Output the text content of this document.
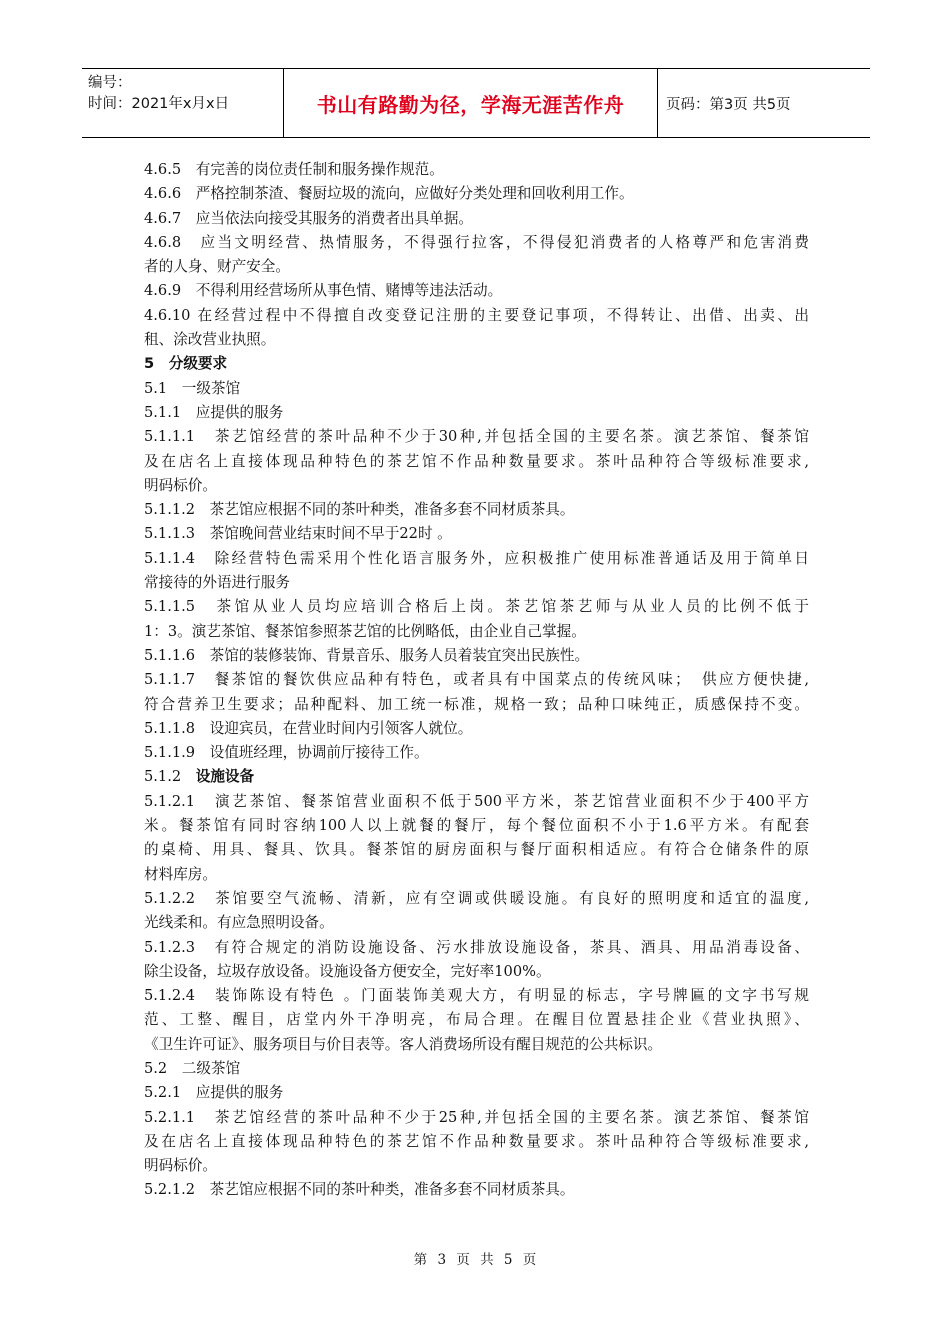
编号：
时间：2021年x月x日	书山有路勤为径，学海无涯苦作舟	页码：第3页 共5页
4.6.5　有完善的岗位责任制和服务操作规范。
4.6.6　严格控制茶渣、餐厨垃圾的流向，应做好分类处理和回收利用工作。
4.6.7　应当依法向接受其服务的消费者出具单据。
4.6.8　应当文明经营、热情服务，不得强行拉客，不得侵犯消费者的人格尊严和危害消费
者的人身、财产安全。
4.6.9　不得利用经营场所从事色情、赌博等违法活动。
4.6.10 在经营过程中不得擅自改变登记注册的主要登记事项，不得转让、出借、出卖、出
租、涂改营业执照。
5　分级要求
5.1　一级茶馆
5.1.1　应提供的服务
5.1.1.1　茶艺馆经营的茶叶品种不少于30种,并包括全国的主要名茶。演艺茶馆、餐茶馆
及在店名上直接体现品种特色的茶艺馆不作品种数量要求。茶叶品种符合等级标准要求,
明码标价。
5.1.1.2　茶艺馆应根据不同的茶叶种类，准备多套不同材质茶具。
5.1.1.3　茶馆晚间营业结束时间不早于22时 。
5.1.1.4　除经营特色需采用个性化语言服务外，应积极推广使用标准普通话及用于简单日
常接待的外语进行服务
5.1.1.5　茶馆从业人员均应培训合格后上岗。茶艺馆茶艺师与从业人员的比例不低于
1：3。演艺茶馆、餐茶馆参照茶艺馆的比例略低，由企业自己掌握。
5.1.1.6　茶馆的装修装饰、背景音乐、服务人员着装宜突出民族性。
5.1.1.7　餐茶馆的餐饮供应品种有特色，或者具有中国菜点的传统风味；　供应方便快捷,
符合营养卫生要求；品种配料、加工统一标准，规格一致；品种口味纯正，质感保持不变。
5.1.1.8　设迎宾员，在营业时间内引领客人就位。
5.1.1.9　设值班经理，协调前厅接待工作。
5.1.2　设施设备
5.1.2.1　演艺茶馆、餐茶馆营业面积不低于500平方米，茶艺馆营业面积不少于400平方
米。餐茶馆有同时容纳100人以上就餐的餐厅，每个餐位面积不小于1.6平方米。有配套
的桌椅、用具、餐具、饮具。餐茶馆的厨房面积与餐厅面积相适应。有符合仓储条件的原
材料库房。
5.1.2.2　茶馆要空气流畅、清新，应有空调或供暖设施。有良好的照明度和适宜的温度,
光线柔和。有应急照明设备。
5.1.2.3　有符合规定的消防设施设备、污水排放设施设备，茶具、酒具、用品消毒设备、
除尘设备，垃圾存放设备。设施设备方便安全，完好率100%。
5.1.2.4　装饰陈设有特色 。门面装饰美观大方，有明显的标志，字号牌匾的文字书写规
范、工整、醒目，店堂内外干净明亮，布局合理。在醒目位置悬挂企业《营业执照》、
《卫生许可证》、服务项目与价目表等。客人消费场所设有醒目规范的公共标识。
5.2　二级茶馆
5.2.1　应提供的服务
5.2.1.1　茶艺馆经营的茶叶品种不少于25种,并包括全国的主要名茶。演艺茶馆、餐茶馆
及在店名上直接体现品种特色的茶艺馆不作品种数量要求。茶叶品种符合等级标准要求,
明码标价。
5.2.1.2　茶艺馆应根据不同的茶叶种类，准备多套不同材质茶具。
第 3 页 共 5 页
